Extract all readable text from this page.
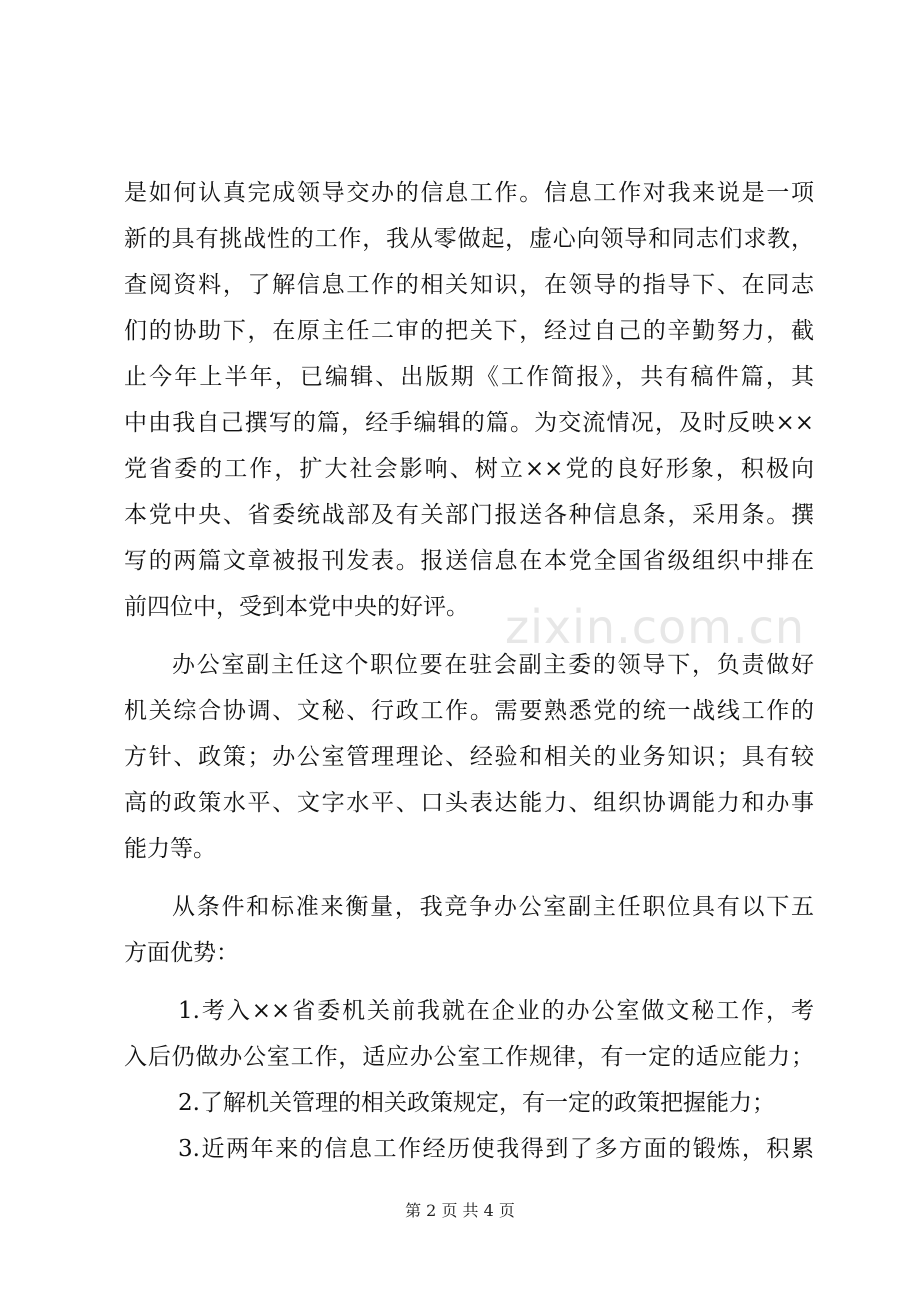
zixin.com.cn
是如何认真完成领导交办的信息工作。信息工作对我来说是一项
新的具有挑战性的工作，我从零做起，虚心向领导和同志们求教，
查阅资料，了解信息工作的相关知识，在领导的指导下、在同志
们的协助下，在原主任二审的把关下，经过自己的辛勤努力，截
止今年上半年，已编辑、出版期《工作简报》，共有稿件篇，其
中由我自己撰写的篇，经手编辑的篇。为交流情况，及时反映××
党省委的工作，扩大社会影响、树立××党的良好形象，积极向
本党中央、省委统战部及有关部门报送各种信息条，采用条。撰
写的两篇文章被报刊发表。报送信息在本党全国省级组织中排在
前四位中，受到本党中央的好评。
办公室副主任这个职位要在驻会副主委的领导下，负责做好
机关综合协调、文秘、行政工作。需要熟悉党的统一战线工作的
方针、政策；办公室管理理论、经验和相关的业务知识；具有较
高的政策水平、文字水平、口头表达能力、组织协调能力和办事
能力等。
从条件和标准来衡量，我竞争办公室副主任职位具有以下五
方面优势：
1.考入××省委机关前我就在企业的办公室做文秘工作，考
入后仍做办公室工作，适应办公室工作规律，有一定的适应能力；
2.了解机关管理的相关政策规定，有一定的政策把握能力；
3.近两年来的信息工作经历使我得到了多方面的锻炼，积累
第 2 页 共 4 页
